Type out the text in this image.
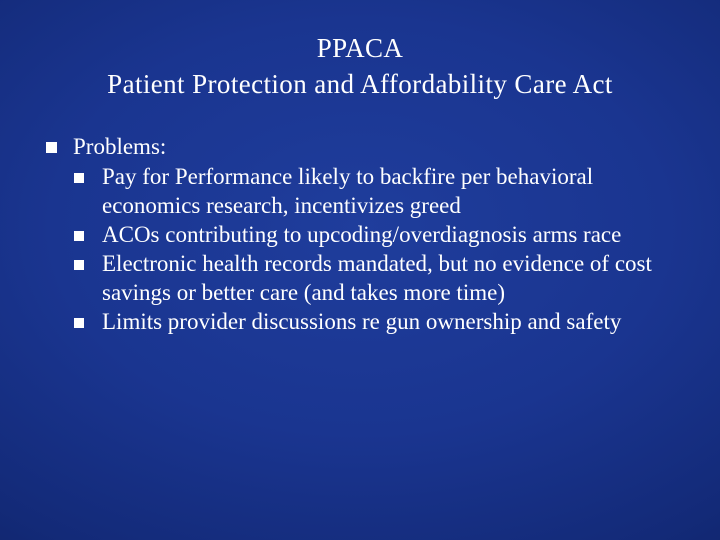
PPACA
Patient Protection and Affordability Care Act
Problems:
Pay for Performance likely to backfire per behavioral economics research, incentivizes greed
ACOs contributing to upcoding/overdiagnosis arms race
Electronic health records mandated, but no evidence of cost savings or better care (and takes more time)
Limits provider discussions re gun ownership and safety
